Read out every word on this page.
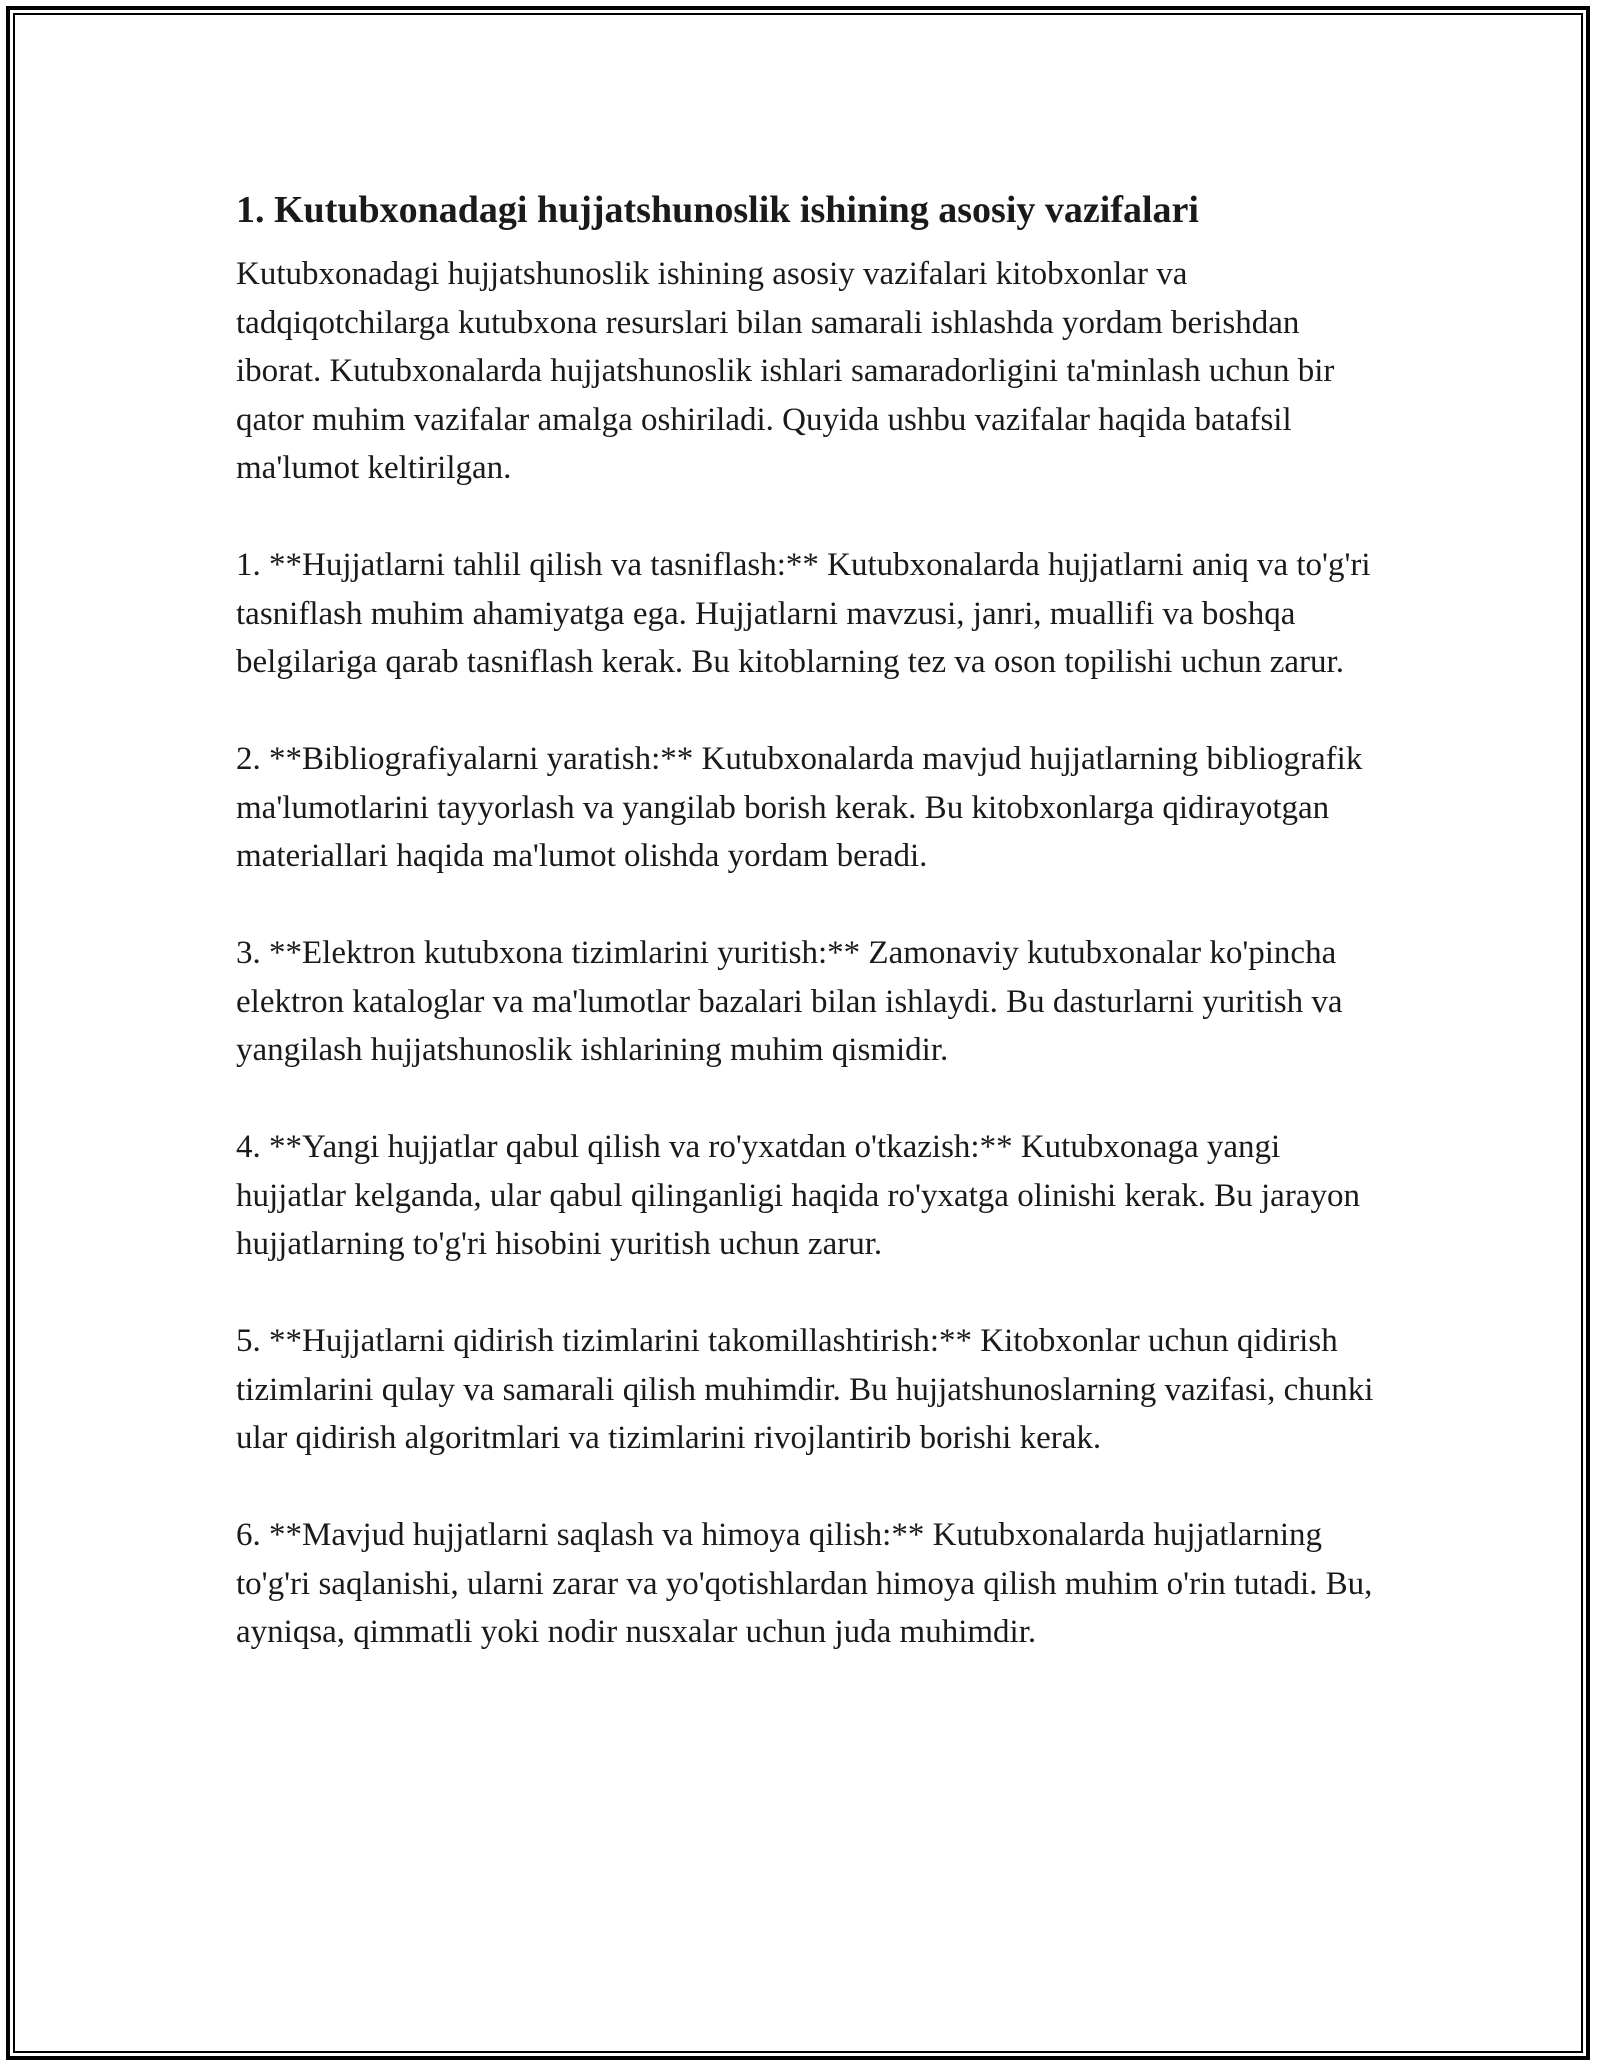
1. Kutubxonadagi hujjatshunoslik ishining asosiy vazifalari

Kutubxonadagi hujjatshunoslik ishining asosiy vazifalari kitobxonlar va tadqiqotchilarga kutubxona resurslari bilan samarali ishlashda yordam berishdan iborat. Kutubxonalarda hujjatshunoslik ishlari samaradorligini ta'minlash uchun bir qator muhim vazifalar amalga oshiriladi. Quyida ushbu vazifalar haqida batafsil ma'lumot keltirilgan.

1. **Hujjatlarni tahlil qilish va tasniflash:** Kutubxonalarda hujjatlarni aniq va to'g'ri tasniflash muhim ahamiyatga ega. Hujjatlarni mavzusi, janri, muallifi va boshqa belgilariga qarab tasniflash kerak. Bu kitoblarning tez va oson topilishi uchun zarur.

2. **Bibliografiyalarni yaratish:** Kutubxonalarda mavjud hujjatlarning bibliografik ma'lumotlarini tayyorlash va yangilab borish kerak. Bu kitobxonlarga qidirayotgan materiallari haqida ma'lumot olishda yordam beradi.

3. **Elektron kutubxona tizimlarini yuritish:** Zamonaviy kutubxonalar ko'pincha elektron kataloglar va ma'lumotlar bazalari bilan ishlaydi. Bu dasturlarni yuritish va yangilash hujjatshunoslik ishlarining muhim qismidir.

4. **Yangi hujjatlar qabul qilish va ro'yxatdan o'tkazish:** Kutubxonaga yangi hujjatlar kelganda, ular qabul qilinganligi haqida ro'yxatga olinishi kerak. Bu jarayon hujjatlarning to'g'ri hisobini yuritish uchun zarur.

5. **Hujjatlarni qidirish tizimlarini takomillashtirish:** Kitobxonlar uchun qidirish tizimlarini qulay va samarali qilish muhimdir. Bu hujjatshunoslarning vazifasi, chunki ular qidirish algoritmlari va tizimlarini rivojlantirib borishi kerak.

6. **Mavjud hujjatlarni saqlash va himoya qilish:** Kutubxonalarda hujjatlarning to'g'ri saqlanishi, ularni zarar va yo'qotishlardan himoya qilish muhim o'rin tutadi. Bu, ayniqsa, qimmatli yoki nodir nusxalar uchun juda muhimdir.
